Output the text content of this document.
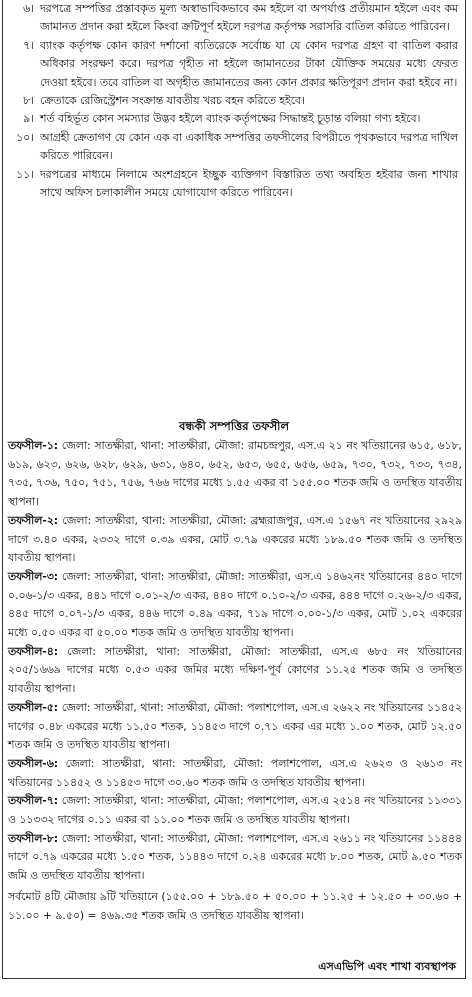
৬। দরপত্রে সম্পত্তির প্রস্তাবকৃত মূল্য অস্বাভাবিকভাবে কম হইলে বা অপর্যাপ্ত প্রতীয়মান হইলে এবং কম জামানত প্রদান করা হইলে কিংবা ক্রটিপূর্ণ হইলে দরপত্র কর্তৃপক্ষ সরাসরি বাতিল করিতে পারিবেন।
৭। ব্যাংক কর্তৃপক্ষ কোন কারণ দর্শানো ব্যতিরেকে সর্বোচ্চ যা যে কোন দরপত্র গ্রহণ বা বাতিল করার অধিকার সংরক্ষণ করে। দরপত্র গৃহীত না হইলে জামানতের টাকা যৌক্তিক সময়ের মধ্যে ফেরত দেওয়া হইবে। তবে বাতিল বা অগৃহীত জামানতের জন্য কোন প্রকার ক্ষতিপূরণ প্রদান করা হইবে না।
৮। ক্রেতাকে রেজিস্ট্রেশন সংক্রান্ত যাবতীয় খরচ বহন করিতে হইবে।
৯। শর্ত বহির্ভূত কোন সমস্যার উদ্ভব হইলে ব্যাংক কর্তৃপক্ষের সিদ্ধান্তই চূড়ান্ত বলিয়া গণ্য হইবে।
১০। আগ্রহী ক্রেতাগণ যে কোন এক বা একাধিক সম্পত্তির তফসীলের বিপরীতে পৃথকভাবে দরপত্র দাখিল করিতে পারিবেন।
১১। দরপত্রের মাধ্যমে নিলামে অংশগ্রহনে ইচ্ছুক ব্যক্তিগণ বিস্তারিত তথ্য অবহিত হইবার জন্য শাখার সাথে অফিস চলাকালীন সময়ে যোগাযোগ করিতে পারিবেন।
বন্ধকী সম্পত্তির তফসীল

তফসীল-১: জেলা: সাতক্ষীরা, থানা: সাতক্ষীরা, মৌজা: রামচন্দ্রপুর, এস.এ ২১ নং খতিয়ানের ৬১৫, ৬১৮, ৬১৯, ৬২৩, ৬২৬, ৬২৮, ৬২৯, ৬৩১, ৬৪০, ৬৫২, ৬৫৩, ৬৫৫, ৬৫৬, ৬৫৯, ৭৩০, ৭৩২, ৭৩৩, ৭৩৪, ৭৩৫, ৭৩৬, ৭৫০, ৭৫১, ৭৫৬, ৭৬৬ দাগের মধ্যে ১.৫৫ একর বা ১৫৫.০০ শতক জমি ও তদস্থিত যাবতীয় স্থাপনা।

তফসীল-২: জেলা: সাতক্ষীরা, থানা: সাতক্ষীরা, মৌজা: ব্রহ্মরাজপুর, এস.এ ১৫৬৭ নং খতিয়ানের ২৯২৯ দাগে ৩.৪০ একর, ২৩৩২ দাগে ০.৩৯ একর, মোট ৩.৭৯ একরের মধ্যে ১৮৯.৫০ শতক জমি ও তদস্থিত যাবতীয় স্থাপনা।

তফসীল-৩: জেলা: সাতক্ষীরা, থানা: সাতক্ষীরা, মৌজা: সাতক্ষীরা, এস.এ ১৪৬২নং খতিয়ানের ৪৪০ দাগে ০.০৬-১/৩ একর, ৪৪১ দাগে ০.০১-২/৩ একর, ৪৪০ দাগে ০.১০-২/৩ একর, ৪৪৪ দাগে ০.২৬-২/৩ একর, ৪৪৫ দাগে ০.০৭-১/৩ একর, ৪৪৬ দাগে ০.৪৯ একর, ৭১৯ দাগে ০.০০-১/৩ একর, মোট ১.০২ একরের মধ্যে ০.৫০ একর বা ৫০.০০ শতক জমি ও তদস্থিত যাবতীয় স্থাপনা।

তফসীল-৪: জেলা: সাতক্ষীরা, থানা: সাতক্ষীরা, মৌজা: সাতক্ষীরা, এস.এ ৬৮৫ নং খতিয়ানের ২০৫/১৬৬৯ দাগের মধ্যে ০.৫৩ একর জমির মধ্যে দক্ষিণ-পূর্ব কোণের ১১.২৫ শতক জমি ও তদস্থিত যাবতীয় স্থাপনা।

তফসীল-৫: জেলা: সাতক্ষীরা, থানা: সাতক্ষীরা, মৌজা: পলাশপোল, এস.এ ২৬২২ নং খতিয়ানের ১১৪৫২ দাগের ০.৪৮ একরের মধ্যে ১১.৫০ শতক, ১১৪৫৩ দাগে ০.৭১ একর এর মধ্যে ১.০০ শতক, মোট ১২.৫০ শতক জমি ও তদস্থিত যাবতীয় স্থাপনা।

তফসীল-৬: জেলা: সাতক্ষীরা, থানা: সাতক্ষীরা, মৌজা: পলাশপোল, এস.এ ২৬২৩ ও ২৬১৩ নং খতিয়ানের ১১৪৫২ ও ১১৪৫৩ দাগে ৩০.৬০ শতক জমি ও তদস্থিত যাবতীয় স্থাপনা।

তফসীল-৭: জেলা: সাতক্ষীরা, থানা: সাতক্ষীরা, মৌজা: পলাশপোল, এস.এ ২৫১৪ নং খতিয়ানের ১১৩৩১ ও ১১৩৩২ দাগের ০.১১ একর বা ১১.০০ শতক জমি ও তদস্থিত যাবতীয় স্থাপনা।

তফসীল-৮: জেলা: সাতক্ষীরা, থানা: সাতক্ষীরা, মৌজা: পলাশপোল, এস.এ ২৬১১ নং খতিয়ানের ১১৪৪৪ দাগে ০.৭৯ একরের মধ্যে ১.৫০ শতক, ১১৪৪৩ দাগে ০.২৪ একরের মধ্যে ৮.০০ শতক, মোট ৯.৫০ শতক জমি ও তদস্থিত যাবতীয় স্থাপনা।

সর্বমোট ৪টি মৌজায় ৯টি খতিয়ানে (১৫৫.০০ + ১৮৯.৫০ + ৫০.০০ + ১১.২৫ + ১২.৫০ + ৩০.৬০ + ১১.০০ + ৯.৫০) = ৪৬৯.৩৫ শতক জমি ও তদস্থিত যাবতীয় স্থাপনা।

এসএভিপি এবং শাখা ব্যবস্থাপক
